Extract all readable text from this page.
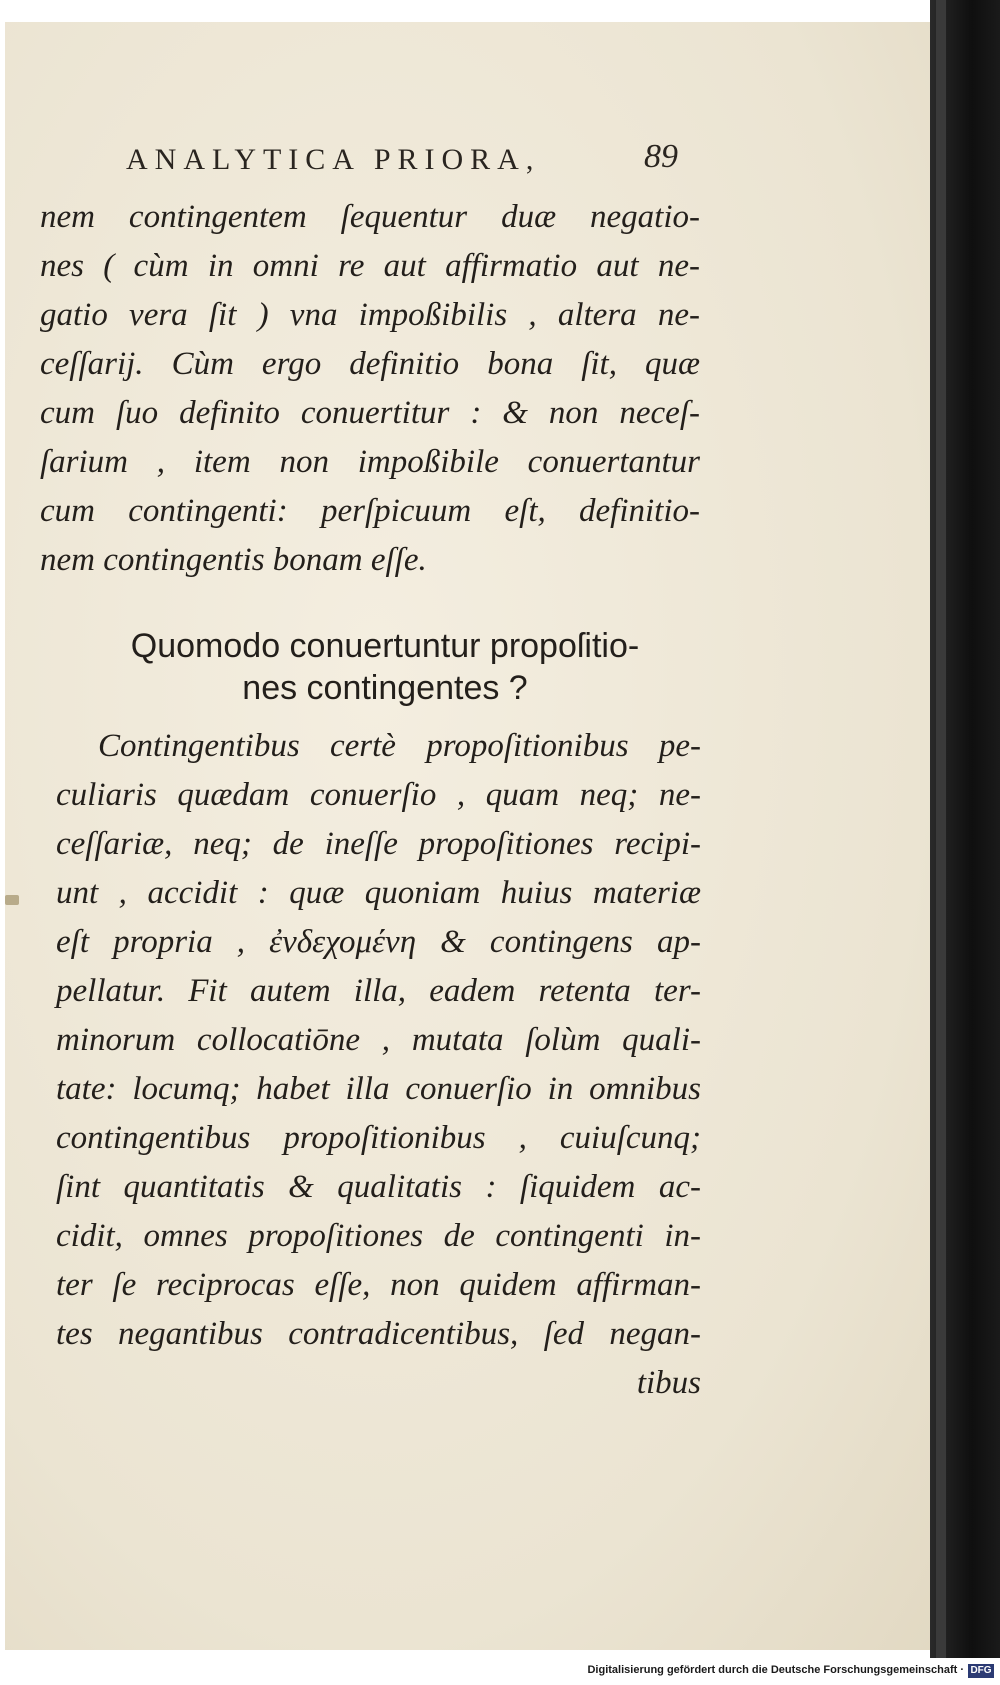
ANALYTICA PRIORA,	89
nem contingentem ſequentur duæ negatio-
nes ( cùm in omni re aut affirmatio aut ne-
gatio vera ſit ) vna impoßibilis , altera ne-
ceſſarij. Cùm ergo definitio bona ſit, quæ
cum ſuo definito conuertitur : & non neceſ-
ſarium , item non impoßibile conuertantur
cum contingenti: perſpicuum eſt, definitio-
nem contingentis bonam eſſe.
Quomodo conuertuntur propoſitio-
nes contingentes ?
Contingentibus certè propoſitionibus pe-
culiaris quædam conuerſio , quam neq; ne-
ceſſariæ, neq; de ineſſe propoſitiones recipi-
unt , accidit : quæ quoniam huius materiæ
eſt propria , ἐνδεχομένη & contingens ap-
pellatur. Fit autem illa, eadem retenta ter-
minorum collocatiōne , mutata ſolùm quali-
tate: locumq; habet illa conuerſio in omnibus
contingentibus propoſitionibus , cuiuſcunq;
ſint quantitatis & qualitatis : ſiquidem ac-
cidit, omnes propoſitiones de contingenti in-
ter ſe reciprocas eſſe, non quidem affirman-
tes negantibus contradicentibus, ſed negan-
tibus
Digitalisierung gefördert durch die Deutsche Forschungsgemeinschaft · DFG
